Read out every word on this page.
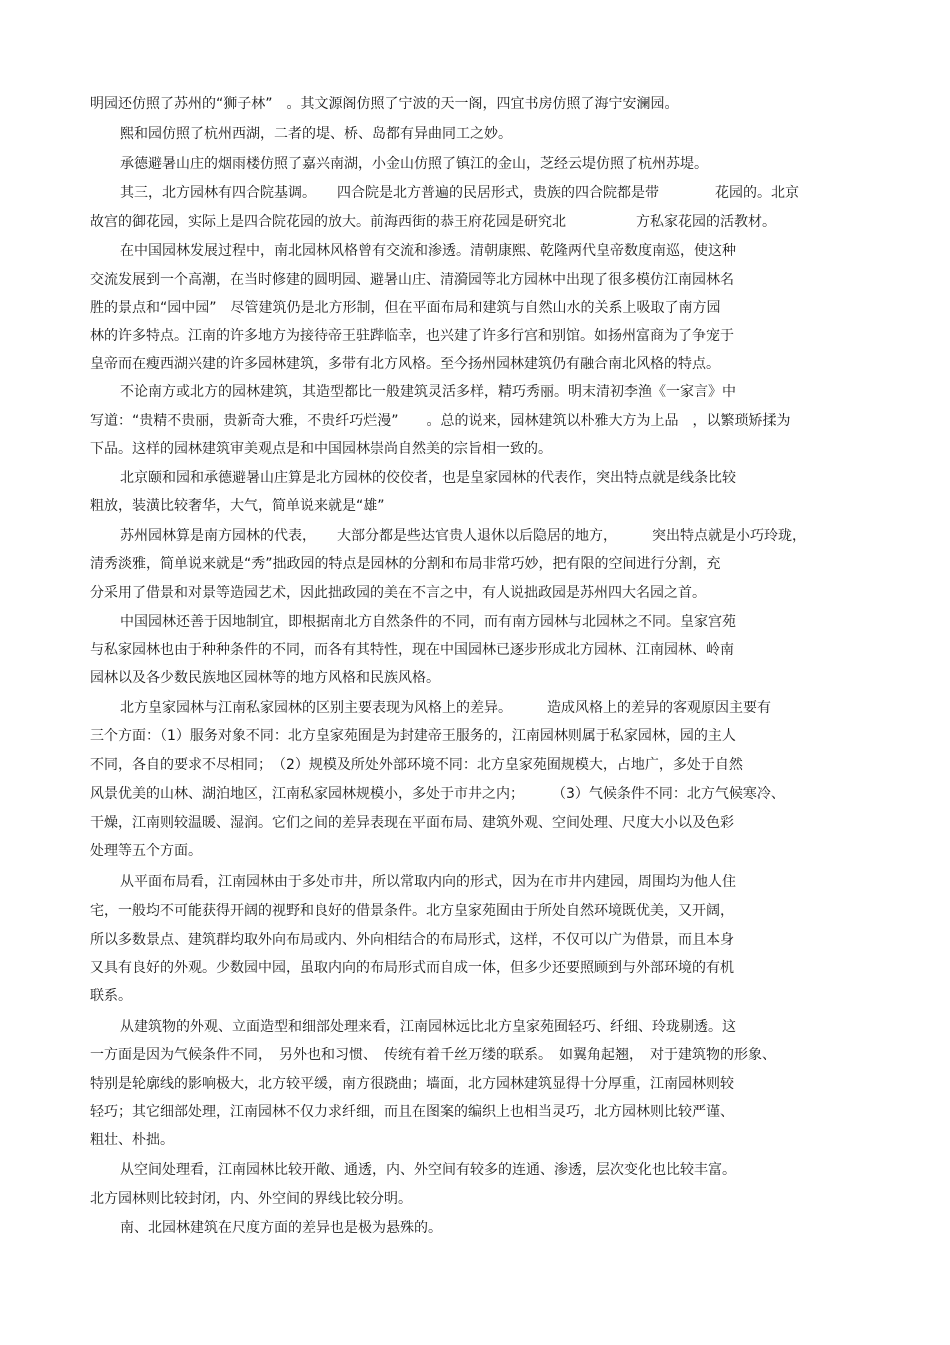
明园还仿照了苏州的“狮子林”　。其文源阁仿照了宁波的天一阁，四宜书房仿照了海宁安澜园。
熙和园仿照了杭州西湖，二者的堤、桥、岛都有异曲同工之妙。
承德避暑山庄的烟雨楼仿照了嘉兴南湖，小金山仿照了镇江的金山，芝经云堤仿照了杭州苏堤。
其三，北方园林有四合院基调。　　四合院是北方普遍的民居形式，贵族的四合院都是带　　　　花园的。北京
故宫的御花园，实际上是四合院花园的放大。前海西街的恭王府花园是研究北　　　　　方私家花园的活教材。
在中国园林发展过程中，南北园林风格曾有交流和渗透。清朝康熙、乾隆两代皇帝数度南巡，使这种
交流发展到一个高潮，在当时修建的圆明园、避暑山庄、清漪园等北方园林中出现了很多模仿江南园林名
胜的景点和“园中园”　尽管建筑仍是北方形制，但在平面布局和建筑与自然山水的关系上吸取了南方园
林的许多特点。江南的许多地方为接待帝王驻跸临幸，也兴建了许多行宫和别馆。如扬州富商为了争宠于
皇帝而在瘦西湖兴建的许多园林建筑，多带有北方风格。至今扬州园林建筑仍有融合南北风格的特点。
不论南方或北方的园林建筑，其造型都比一般建筑灵活多样，精巧秀丽。明末清初李渔《一家言》中
写道：“贵精不贵丽，贵新奇大雅，不贵纤巧烂漫”　　。总的说来，园林建筑以朴雅大方为上品　，以繁琐矫揉为
下品。这样的园林建筑审美观点是和中国园林崇尚自然美的宗旨相一致的。
北京颐和园和承德避暑山庄算是北方园林的佼佼者，也是皇家园林的代表作，突出特点就是线条比较
粗放，装潢比较奢华，大气，简单说来就是“雄”
苏州园林算是南方园林的代表，　　大部分都是些达官贵人退休以后隐居的地方，　　　突出特点就是小巧玲珑，
清秀淡雅，简单说来就是“秀”拙政园的特点是园林的分割和布局非常巧妙，把有限的空间进行分割，充
分采用了借景和对景等造园艺术，因此拙政园的美在不言之中，有人说拙政园是苏州四大名园之首。
中国园林还善于因地制宜，即根据南北方自然条件的不同，而有南方园林与北园林之不同。皇家宫苑
与私家园林也由于种种条件的不同，而各有其特性，现在中国园林已逐步形成北方园林、江南园林、岭南
园林以及各少数民族地区园林等的地方风格和民族风格。
北方皇家园林与江南私家园林的区别主要表现为风格上的差异。　　　造成风格上的差异的客观原因主要有
三个方面：（1）服务对象不同：北方皇家苑囿是为封建帝王服务的，江南园林则属于私家园林，园的主人
不同，各自的要求不尽相同；　（2）规模及所处外部环境不同：北方皇家苑囿规模大，占地广，多处于自然
风景优美的山林、湖泊地区，江南私家园林规模小，多处于市井之内；　　　（3）气候条件不同：北方气候寒冷、
干燥，江南则较温暖、湿润。它们之间的差异表现在平面布局、建筑外观、空间处理、尺度大小以及色彩
处理等五个方面。
从平面布局看，江南园林由于多处市井，所以常取内向的形式，因为在市井内建园，周围均为他人住
宅，一般均不可能获得开阔的视野和良好的借景条件。北方皇家苑囿由于所处自然环境既优美，又开阔，
所以多数景点、建筑群均取外向布局或内、外向相结合的布局形式，这样，不仅可以广为借景，而且本身
又具有良好的外观。少数园中园，虽取内向的布局形式而自成一体，但多少还要照顾到与外部环境的有机
联系。
从建筑物的外观、立面造型和细部处理来看，江南园林远比北方皇家苑囿轻巧、纤细、玲珑剔透。这
一方面是因为气候条件不同，　另外也和习惯、　传统有着千丝万缕的联系。　如翼角起翘，　对于建筑物的形象、
特别是轮廓线的影响极大，北方较平缓，南方很跷曲；墙面，北方园林建筑显得十分厚重，江南园林则较
轻巧；其它细部处理，江南园林不仅力求纤细，而且在图案的编织上也相当灵巧，北方园林则比较严谨、
粗壮、朴拙。
从空间处理看，江南园林比较开敞、通透，内、外空间有较多的连通、渗透，层次变化也比较丰富。
北方园林则比较封闭，内、外空间的界线比较分明。
南、北园林建筑在尺度方面的差异也是极为悬殊的。
